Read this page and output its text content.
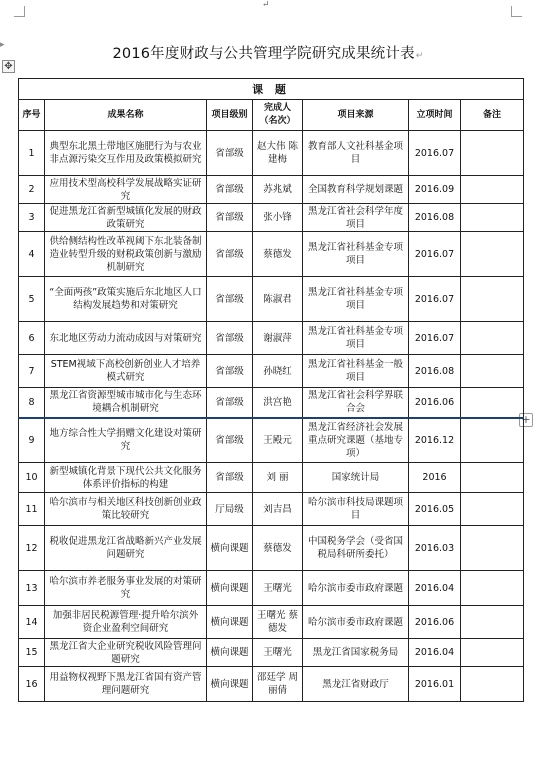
↵
▸
✥
+
2016年度财政与公共管理学院研究成果统计表↵
课 题						
序号	成果名称	项目级别	完成人（名次）	项目来源	立项时间	备注
1	典型东北黑土带地区施肥行为与农业非点源污染交互作用及政策模拟研究	省部级	赵大伟 陈建梅	教育部人文社科基金项目	2016.07	
2	应用技术型高校科学发展战略实证研究	省部级	苏兆斌	全国教育科学规划课题	2016.09	
3	促进黑龙江省新型城镇化发展的财政政策研究	省部级	张小锋	黑龙江省社会科学年度项目	2016.08	
4	供给侧结构性改革视阈下东北装备制造业转型升级的财税政策创新与激励机制研究	省部级	蔡德发	黑龙江省社科基金专项项目	2016.07	
5	“全面两孩”政策实施后东北地区人口结构发展趋势和对策研究	省部级	陈淑君	黑龙江省社科基金专项项目	2016.07	
6	东北地区劳动力流动成因与对策研究	省部级	谢淑萍	黑龙江省社科基金专项项目	2016.07	
7	STEM视域下高校创新创业人才培养模式研究	省部级	孙晓红	黑龙江省社科基金一般项目	2016.08	
8	黑龙江省资源型城市城市化与生态环境耦合机制研究	省部级	洪宫艳	黑龙江省社会科学界联合会	2016.06	
9	地方综合性大学捐赠文化建设对策研究	省部级	王殿元	黑龙江省经济社会发展重点研究课题（基地专项）	2016.12	
10	新型城镇化背景下现代公共文化服务体系评价指标的构建	省部级	刘 丽	国家统计局	2016	
11	哈尔滨市与相关地区科技创新创业政策比较研究	厅局级	刘吉昌	哈尔滨市科技局课题项目	2016.05	
12	税收促进黑龙江省战略新兴产业发展问题研究	横向课题	蔡德发	中国税务学会（受省国税局科研所委托）	2016.03	
13	哈尔滨市养老服务事业发展的对策研究	横向课题	王曙光	哈尔滨市委市政府课题	2016.04	
14	加强非居民税源管理·提升哈尔滨外资企业盈利空间研究	横向课题	王曙光 蔡德发	哈尔滨市委市政府课题	2016.06	
15	黑龙江省大企业研究税收风险管理问题研究	横向课题	王曙光	黑龙江省国家税务局	2016.04	
16	用益物权视野下黑龙江省国有资产管理问题研究	横向课题	邵廷学 周丽倩	黑龙江省财政厅	2016.01	
